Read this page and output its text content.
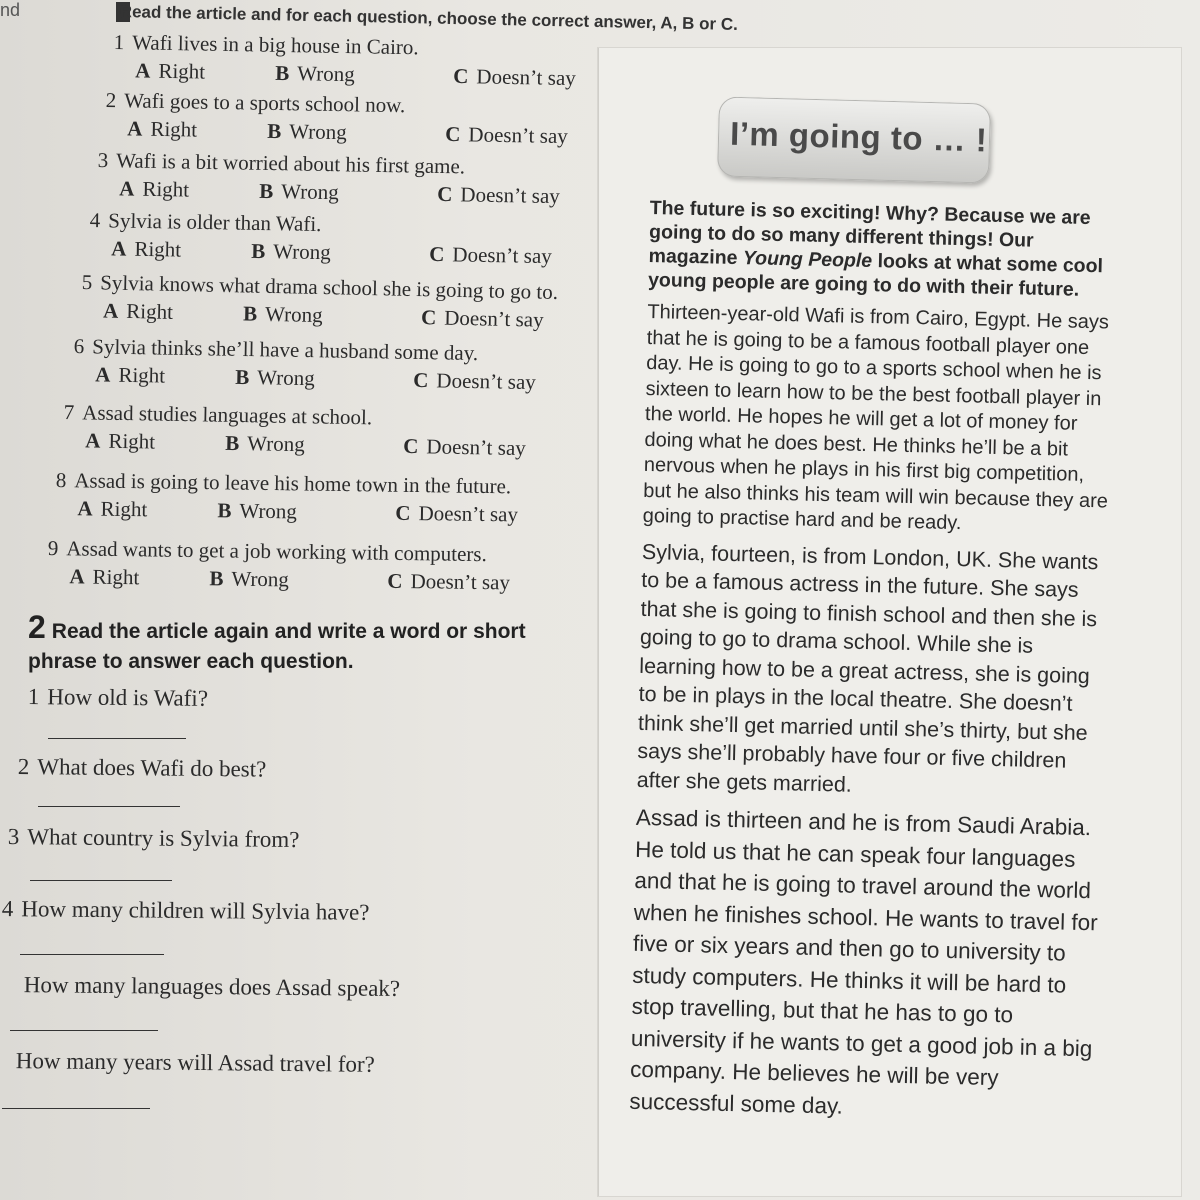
nd	Read the article and for each question, choose the correct answer, A, B or C.
1 Wafi lives in a big house in Cairo.
A Right	B Wrong	C Doesn’t say
2 Wafi goes to a sports school now.
A Right	B Wrong	C Doesn’t say
3 Wafi is a bit worried about his first game.
A Right	B Wrong	C Doesn’t say
4 Sylvia is older than Wafi.
A Right	B Wrong	C Doesn’t say
5 Sylvia knows what drama school she is going to go to.
A Right	B Wrong	C Doesn’t say
6 Sylvia thinks she’ll have a husband some day.
A Right	B Wrong	C Doesn’t say
7 Assad studies languages at school.
A Right	B Wrong	C Doesn’t say
8 Assad is going to leave his home town in the future.
A Right	B Wrong	C Doesn’t say
9 Assad wants to get a job working with computers.
A Right	B Wrong	C Doesn’t say
2 Read the article again and write a word or short
phrase to answer each question.
1 How old is Wafi?
2 What does Wafi do best?
3 What country is Sylvia from?
4 How many children will Sylvia have?
How many languages does Assad speak?
How many years will Assad travel for?
I’m going to … !

The future is so exciting! Why? Because we are going to do so many different things! Our magazine Young People looks at what some cool young people are going to do with their future.

Thirteen-year-old Wafi is from Cairo, Egypt. He says that he is going to be a famous football player one day. He is going to go to a sports school when he is sixteen to learn how to be the best football player in the world. He hopes he will get a lot of money for doing what he does best. He thinks he’ll be a bit nervous when he plays in his first big competition, but he also thinks his team will win because they are going to practise hard and be ready.

Sylvia, fourteen, is from London, UK. She wants to be a famous actress in the future. She says that she is going to finish school and then she is going to go to drama school. While she is learning how to be a great actress, she is going to be in plays in the local theatre. She doesn’t think she’ll get married until she’s thirty, but she says she’ll probably have four or five children after she gets married.

Assad is thirteen and he is from Saudi Arabia. He told us that he can speak four languages and that he is going to travel around the world when he finishes school. He wants to travel for five or six years and then go to university to study computers. He thinks it will be hard to stop travelling, but that he has to go to university if he wants to get a good job in a big company. He believes he will be very successful some day.
